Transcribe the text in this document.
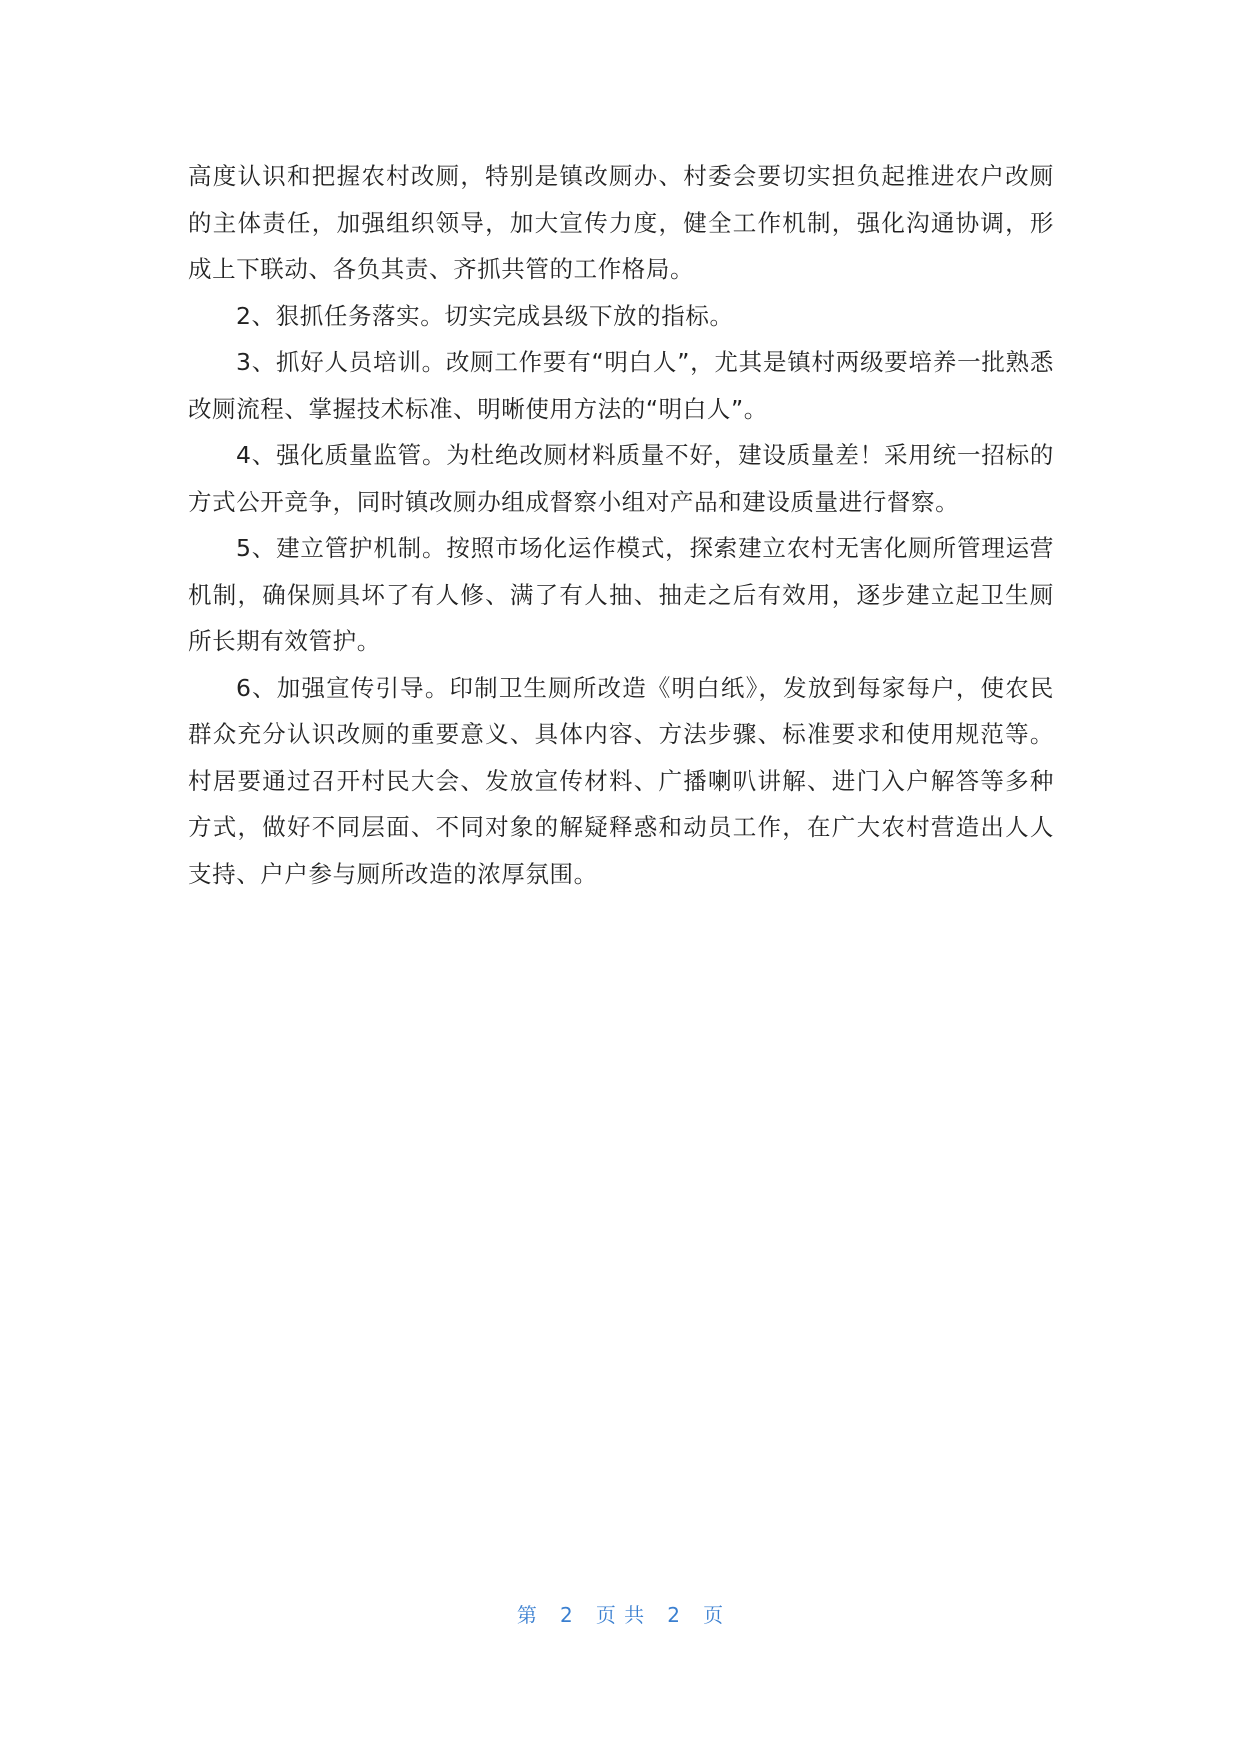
高度认识和把握农村改厕，特别是镇改厕办、村委会要切实担负起推进农户改厕的主体责任，加强组织领导，加大宣传力度，健全工作机制，强化沟通协调，形成上下联动、各负其责、齐抓共管的工作格局。

2、狠抓任务落实。切实完成县级下放的指标。

3、抓好人员培训。改厕工作要有“明白人”，尤其是镇村两级要培养一批熟悉改厕流程、掌握技术标准、明晰使用方法的“明白人”。

4、强化质量监管。为杜绝改厕材料质量不好，建设质量差！采用统一招标的方式公开竞争，同时镇改厕办组成督察小组对产品和建设质量进行督察。

5、建立管护机制。按照市场化运作模式，探索建立农村无害化厕所管理运营机制，确保厕具坏了有人修、满了有人抽、抽走之后有效用，逐步建立起卫生厕所长期有效管护。

6、加强宣传引导。印制卫生厕所改造《明白纸》，发放到每家每户，使农民群众充分认识改厕的重要意义、具体内容、方法步骤、标准要求和使用规范等。村居要通过召开村民大会、发放宣传材料、广播喇叭讲解、进门入户解答等多种方式，做好不同层面、不同对象的解疑释惑和动员工作，在广大农村营造出人人支持、户户参与厕所改造的浓厚氛围。

第 2 页 共 2 页
